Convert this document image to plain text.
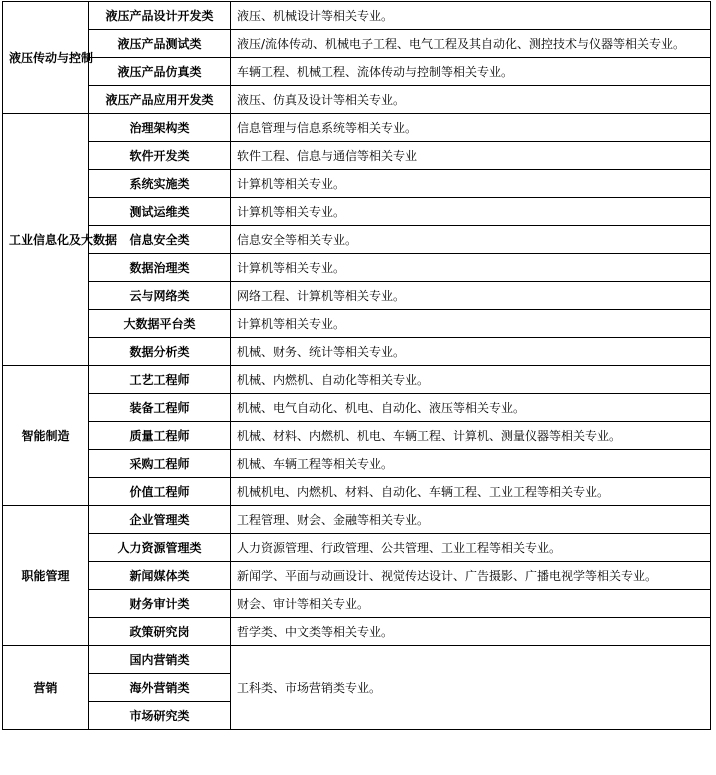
液压传动与控制	液压产品设计开发类	液压、机械设计等相关专业。
	液压产品测试类	液压/流体传动、机械电子工程、电气工程及其自动化、测控技术与仪器等相关专业。
	液压产品仿真类	车辆工程、机械工程、流体传动与控制等相关专业。
	液压产品应用开发类	液压、仿真及设计等相关专业。
工业信息化及大数据	治理架构类	信息管理与信息系统等相关专业。
	软件开发类	软件工程、信息与通信等相关专业
	系统实施类	计算机等相关专业。
	测试运维类	计算机等相关专业。
	信息安全类	信息安全等相关专业。
	数据治理类	计算机等相关专业。
	云与网络类	网络工程、计算机等相关专业。
	大数据平台类	计算机等相关专业。
	数据分析类	机械、财务、统计等相关专业。
智能制造	工艺工程师	机械、内燃机、自动化等相关专业。
	装备工程师	机械、电气自动化、机电、自动化、液压等相关专业。
	质量工程师	机械、材料、内燃机、机电、车辆工程、计算机、测量仪器等相关专业。
	采购工程师	机械、车辆工程等相关专业。
	价值工程师	机械机电、内燃机、材料、自动化、车辆工程、工业工程等相关专业。
职能管理	企业管理类	工程管理、财会、金融等相关专业。
	人力资源管理类	人力资源管理、行政管理、公共管理、工业工程等相关专业。
	新闻媒体类	新闻学、平面与动画设计、视觉传达设计、广告摄影、广播电视学等相关专业。
	财务审计类	财会、审计等相关专业。
	政策研究岗	哲学类、中文类等相关专业。
营销	国内营销类	工科类、市场营销类专业。
	海外营销类	
	市场研究类	
